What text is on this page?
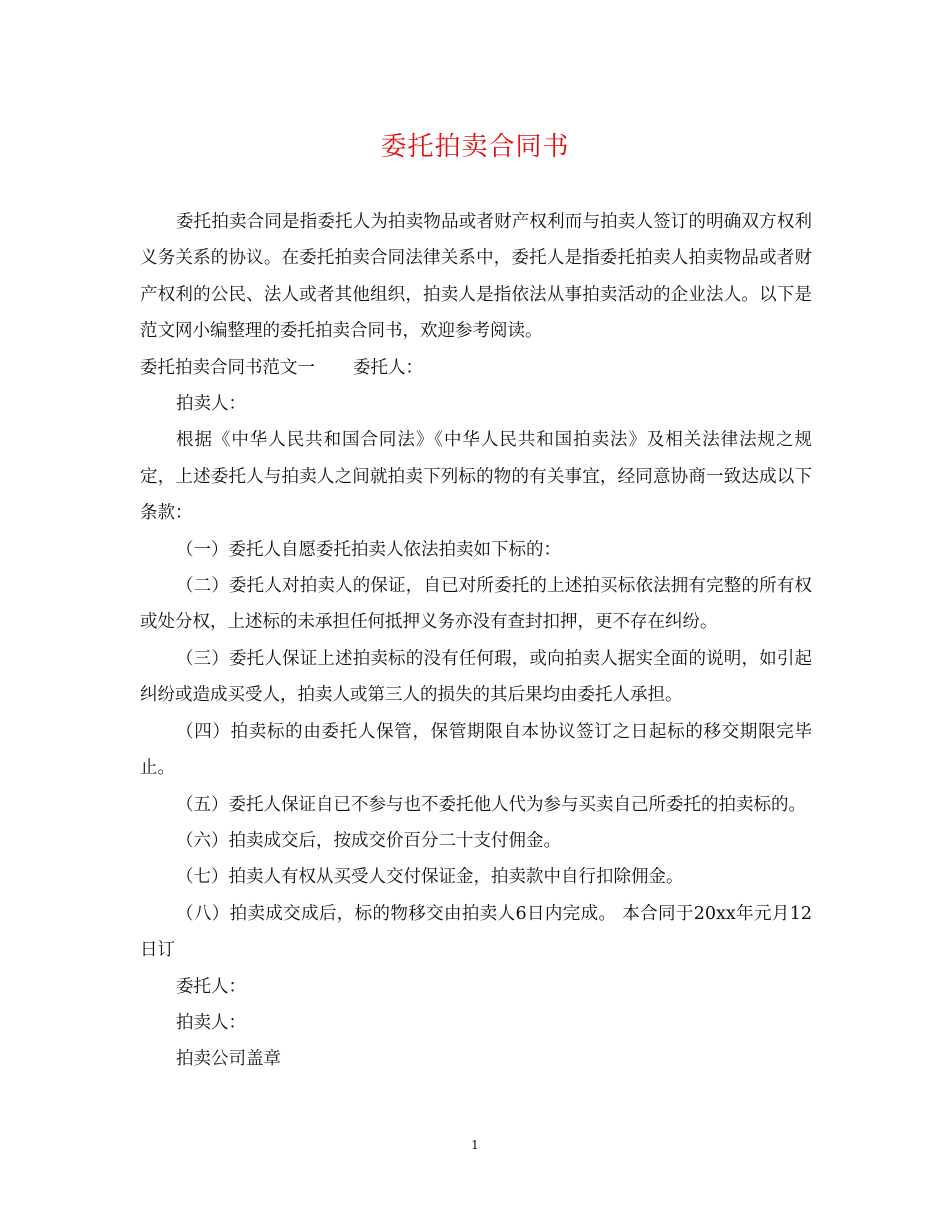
委托拍卖合同书

委托拍卖合同是指委托人为拍卖物品或者财产权利而与拍卖人签订的明确双方权利义务关系的协议。在委托拍卖合同法律关系中，委托人是指委托拍卖人拍卖物品或者财产权利的公民、法人或者其他组织，拍卖人是指依法从事拍卖活动的企业法人。以下是范文网小编整理的委托拍卖合同书，欢迎参考阅读。

委托拍卖合同书范文一 委托人：

拍卖人：

根据《中华人民共和国合同法》《中华人民共和国拍卖法》及相关法律法规之规定，上述委托人与拍卖人之间就拍卖下列标的物的有关事宜，经同意协商一致达成以下条款：

（一）委托人自愿委托拍卖人依法拍卖如下标的：

（二）委托人对拍卖人的保证，自已对所委托的上述拍买标依法拥有完整的所有权或处分权，上述标的未承担任何抵押义务亦没有查封扣押，更不存在纠纷。

（三）委托人保证上述拍卖标的没有任何瑕，或向拍卖人据实全面的说明，如引起纠纷或造成买受人，拍卖人或第三人的损失的其后果均由委托人承担。

（四）拍卖标的由委托人保管，保管期限自本协议签订之日起标的移交期限完毕止。

（五）委托人保证自已不参与也不委托他人代为参与买卖自己所委托的拍卖标的。

（六）拍卖成交后，按成交价百分二十支付佣金。

（七）拍卖人有权从买受人交付保证金，拍卖款中自行扣除佣金。

（八）拍卖成交成后，标的物移交由拍卖人6日内完成。 本合同于20xx年元月12日订

委托人：

拍卖人：

拍卖公司盖章

1
